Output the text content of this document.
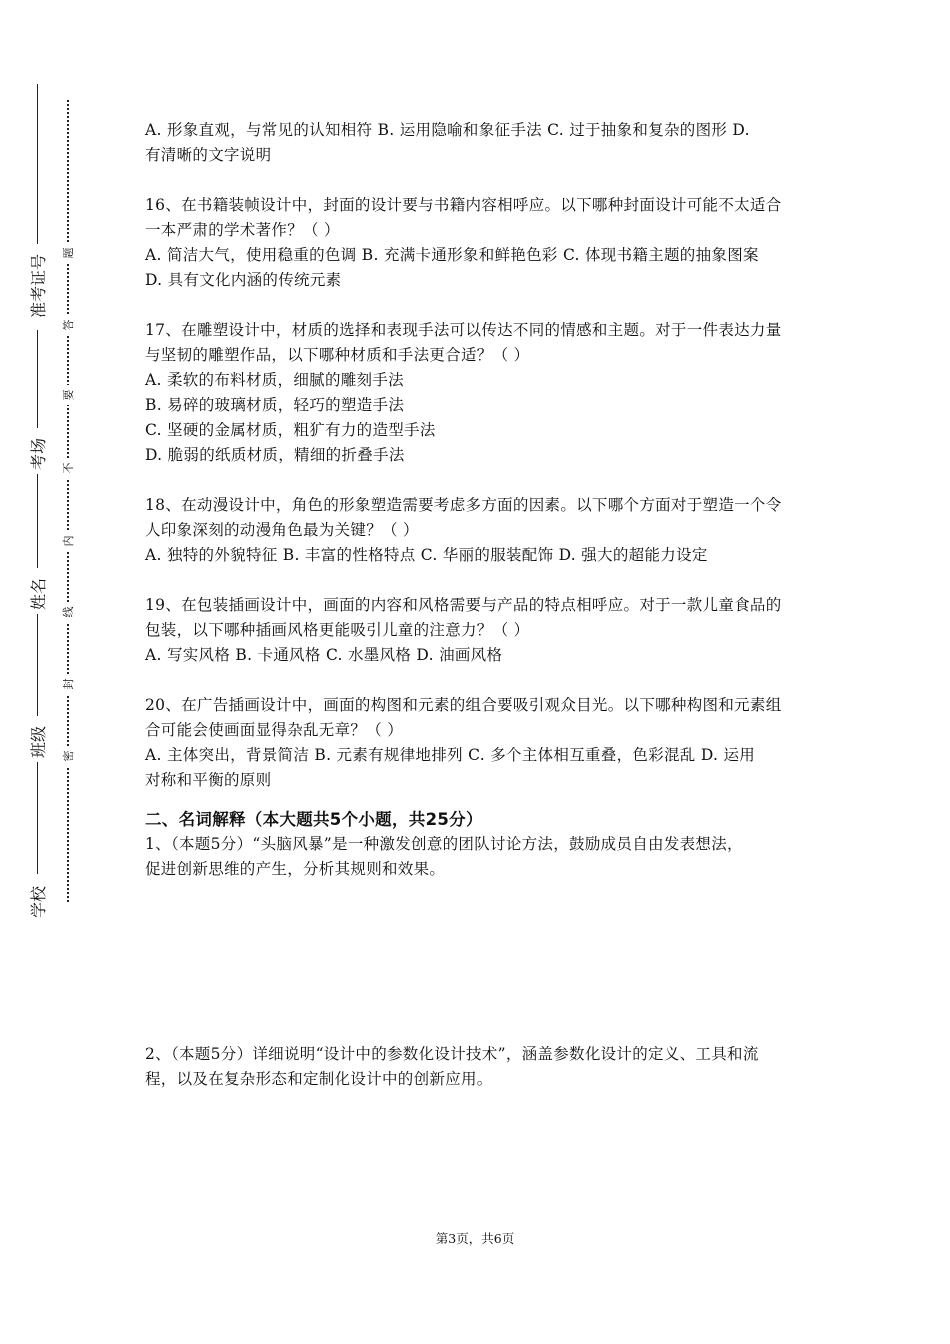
准考证号
考场
姓名
班级
学校
题
答
要
不
内
线
封
密
A. 形象直观，与常见的认知相符 B. 运用隐喻和象征手法 C. 过于抽象和复杂的图形 D.
有清晰的文字说明
16、在书籍装帧设计中，封面的设计要与书籍内容相呼应。以下哪种封面设计可能不太适合
一本严肃的学术著作？（ ）
A. 简洁大气，使用稳重的色调 B. 充满卡通形象和鲜艳色彩 C. 体现书籍主题的抽象图案
D. 具有文化内涵的传统元素
17、在雕塑设计中，材质的选择和表现手法可以传达不同的情感和主题。对于一件表达力量
与坚韧的雕塑作品，以下哪种材质和手法更合适？（ ）
A. 柔软的布料材质，细腻的雕刻手法
B. 易碎的玻璃材质，轻巧的塑造手法
C. 坚硬的金属材质，粗犷有力的造型手法
D. 脆弱的纸质材质，精细的折叠手法
18、在动漫设计中，角色的形象塑造需要考虑多方面的因素。以下哪个方面对于塑造一个令
人印象深刻的动漫角色最为关键？（ ）
A. 独特的外貌特征 B. 丰富的性格特点 C. 华丽的服装配饰 D. 强大的超能力设定
19、在包装插画设计中，画面的内容和风格需要与产品的特点相呼应。对于一款儿童食品的
包装，以下哪种插画风格更能吸引儿童的注意力？（ ）
A. 写实风格 B. 卡通风格 C. 水墨风格 D. 油画风格
20、在广告插画设计中，画面的构图和元素的组合要吸引观众目光。以下哪种构图和元素组
合可能会使画面显得杂乱无章？（ ）
A. 主体突出，背景简洁 B. 元素有规律地排列 C. 多个主体相互重叠，色彩混乱 D. 运用
对称和平衡的原则
二、名词解释（本大题共5个小题，共25分）
1、（本题5分）“头脑风暴”是一种激发创意的团队讨论方法，鼓励成员自由发表想法，
促进创新思维的产生，分析其规则和效果。
2、（本题5分）详细说明“设计中的参数化设计技术”，涵盖参数化设计的定义、工具和流
程，以及在复杂形态和定制化设计中的创新应用。
第3页，共6页
